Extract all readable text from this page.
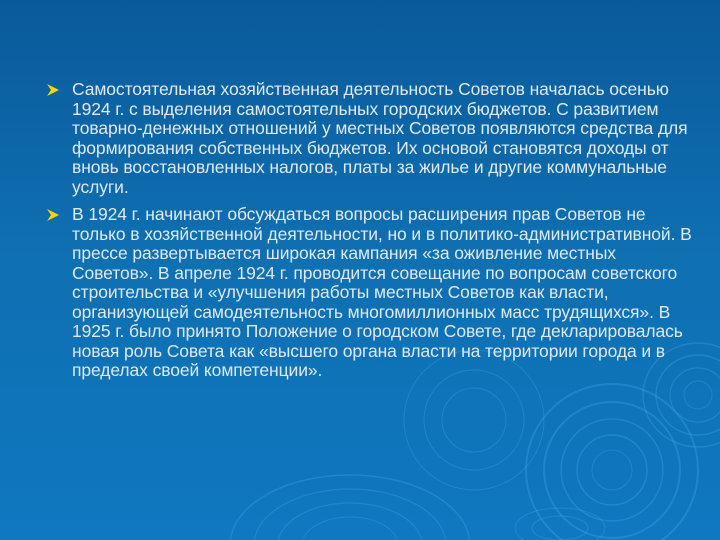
Самостоятельная хозяйственная деятельность Советов началась осенью 1924 г. с выделения самостоятельных городских бюджетов. С развитием товарно-денежных отношений у местных Советов появляются средства для формирования собственных бюджетов. Их основой становятся доходы от вновь восстановленных налогов, платы за жилье и другие коммунальные услуги.
В 1924 г. начинают обсуждаться вопросы расширения прав Советов не только в хозяйственной деятельности, но и в политико-административной. В прессе развертывается широкая кампания «за оживление местных Советов». В апреле 1924 г. проводится совещание по вопросам советского строительства и «улучшения работы местных Советов как власти, организующей самодеятельность многомиллионных масс трудящихся». В 1925 г. было принято Положение о городском Совете, где декларировалась новая роль Совета как «высшего органа власти на территории города и в пределах своей компетенции».
